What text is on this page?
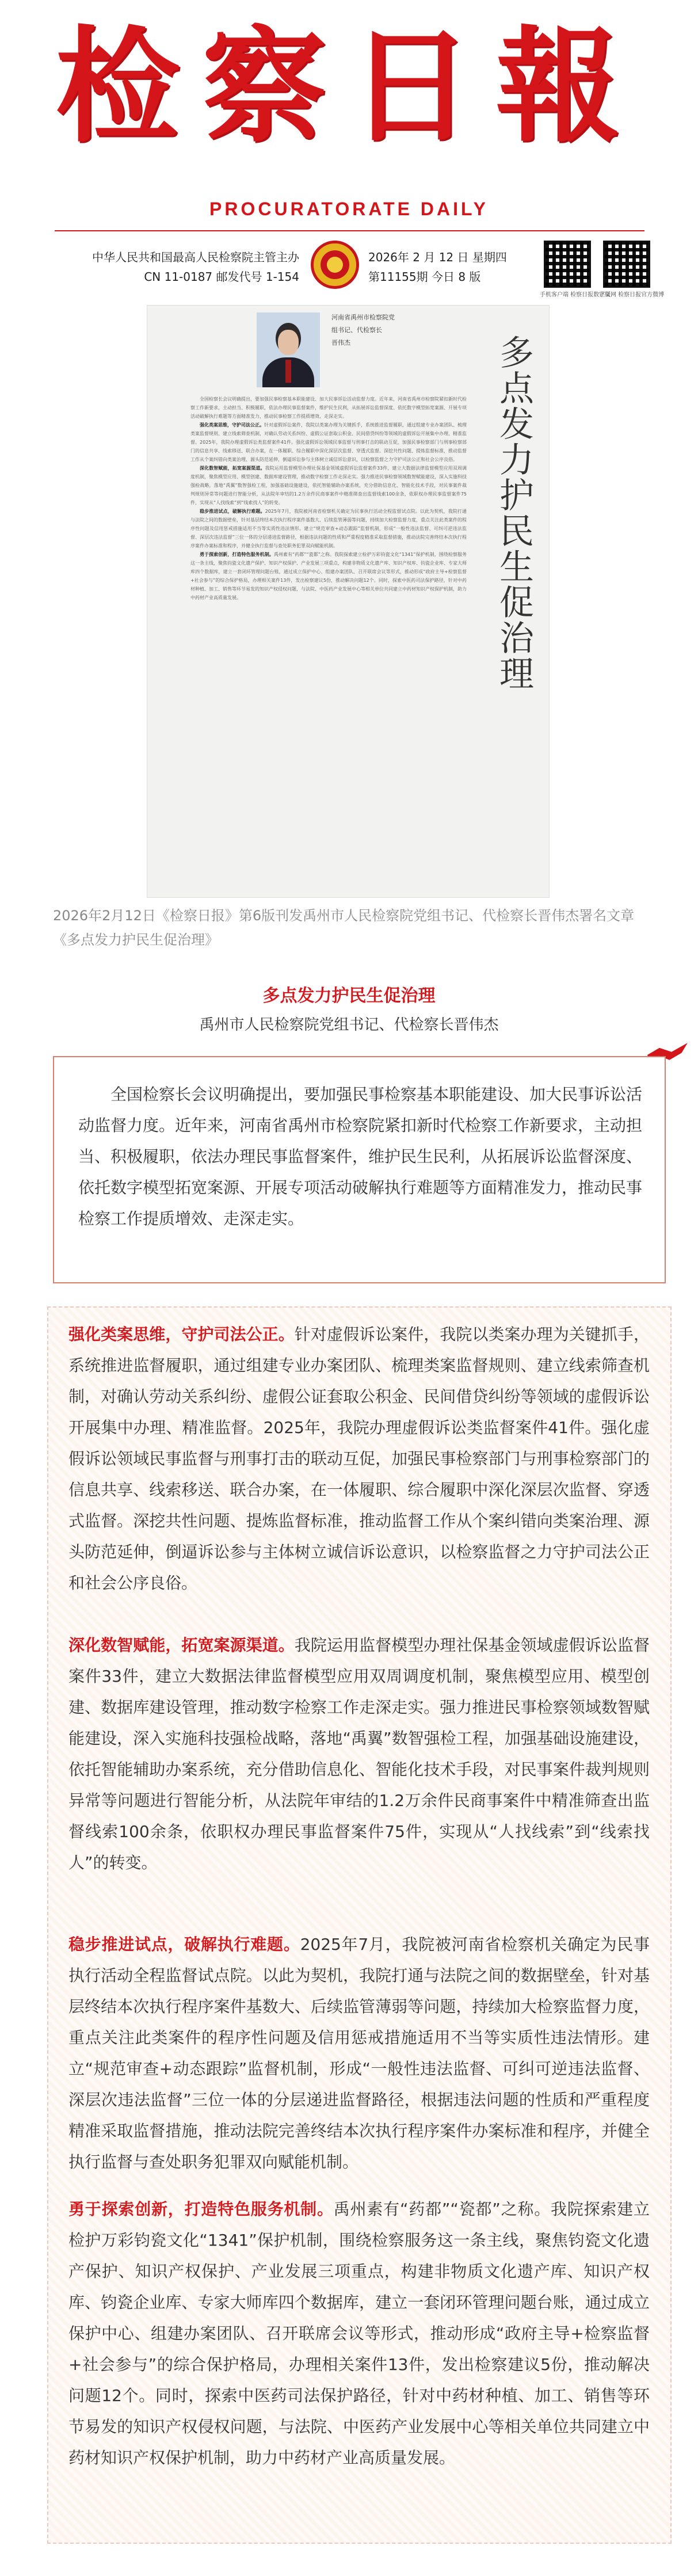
检察日報
PROCURATORATE DAILY
中华人民共和国最高人民检察院主管主办
CN 11-0187 邮发代号 1-154
2026年 2 月 12 日 星期四
第11155期 今日 8 版
手机客户端 检察日报数字版
正义网 检察日报官方微博
河南省禹州市检察院党组书记、代检察长
晋伟杰	多点发力护民生促治理

全国检察长会议明确提出，要加强民事检察基本职能建设、加大民事诉讼活动监督力度。近年来，河南省禹州市检察院紧扣新时代检察工作新要求，主动担当、积极履职，依法办理民事监督案件，维护民生民利，从拓展诉讼监督深度、依托数字模型拓宽案源、开展专项活动破解执行难题等方面精准发力，推动民事检察工作提质增效、走深走实。

强化类案思维，守护司法公正。针对虚假诉讼案件，我院以类案办理为关键抓手，系统推进监督履职，通过组建专业办案团队、梳理类案监督规则、建立线索筛查机制，对确认劳动关系纠纷、虚假公证套取公积金、民间借贷纠纷等领域的虚假诉讼开展集中办理、精准监督。2025年，我院办理虚假诉讼类监督案件41件。强化虚假诉讼领域民事监督与刑事打击的联动互促，加强民事检察部门与刑事检察部门的信息共享、线索移送、联合办案，在一体履职、综合履职中深化深层次监督、穿透式监督。深挖共性问题、提炼监督标准，推动监督工作从个案纠错向类案治理、源头防范延伸，倒逼诉讼参与主体树立诚信诉讼意识，以检察监督之力守护司法公正和社会公序良俗。

深化数智赋能，拓宽案源渠道。我院运用监督模型办理社保基金领域虚假诉讼监督案件33件，建立大数据法律监督模型应用双周调度机制，聚焦模型应用、模型创建、数据库建设管理，推动数字检察工作走深走实。强力推进民事检察领域数智赋能建设，深入实施科技强检战略，落地“禹翼”数智强检工程，加强基础设施建设，依托智能辅助办案系统，充分借助信息化、智能化技术手段，对民事案件裁判规则异常等问题进行智能分析，从法院年审结的1.2万余件民商事案件中精准筛查出监督线索100余条，依职权办理民事监督案件75件，实现从“人找线索”到“线索找人”的转变。

稳步推进试点，破解执行难题。2025年7月，我院被河南省检察机关确定为民事执行活动全程监督试点院。以此为契机，我院打通与法院之间的数据壁垒，针对基层终结本次执行程序案件基数大、后续监管薄弱等问题，持续加大检察监督力度，重点关注此类案件的程序性问题及信用惩戒措施适用不当等实质性违法情形。建立“规范审查+动态跟踪”监督机制，形成“一般性违法监督、可纠可逆违法监督、深层次违法监督”三位一体的分层递进监督路径，根据违法问题的性质和严重程度精准采取监督措施，推动法院完善终结本次执行程序案件办案标准和程序，并健全执行监督与查处职务犯罪双向赋能机制。

勇于探索创新，打造特色服务机制。禹州素有“药都”“瓷都”之称。我院探索建立检护万彩钧瓷文化“1341”保护机制，围绕检察服务这一条主线，聚焦钧瓷文化遗产保护、知识产权保护、产业发展三项重点，构建非物质文化遗产库、知识产权库、钧瓷企业库、专家大师库四个数据库，建立一套闭环管理问题台账，通过成立保护中心、组建办案团队、召开联席会议等形式，推动形成“政府主导+检察监督+社会参与”的综合保护格局，办理相关案件13件，发出检察建议5份，推动解决问题12个。同时，探索中医药司法保护路径，针对中药材种植、加工、销售等环节易发的知识产权侵权问题，与法院、中医药产业发展中心等相关单位共同建立中药材知识产权保护机制，助力中药材产业高质量发展。

2026年2月12日《检察日报》第6版刊发禹州市人民检察院党组书记、代检察长晋伟杰署名文章《多点发力护民生促治理》
多点发力护民生促治理
禹州市人民检察院党组书记、代检察长晋伟杰

全国检察长会议明确提出，要加强民事检察基本职能建设、加大民事诉讼活动监督力度。近年来，河南省禹州市检察院紧扣新时代检察工作新要求，主动担当、积极履职，依法办理民事监督案件，维护民生民利，从拓展诉讼监督深度、依托数字模型拓宽案源、开展专项活动破解执行难题等方面精准发力，推动民事检察工作提质增效、走深走实。

强化类案思维，守护司法公正。针对虚假诉讼案件，我院以类案办理为关键抓手，系统推进监督履职，通过组建专业办案团队、梳理类案监督规则、建立线索筛查机制，对确认劳动关系纠纷、虚假公证套取公积金、民间借贷纠纷等领域的虚假诉讼开展集中办理、精准监督。2025年，我院办理虚假诉讼类监督案件41件。强化虚假诉讼领域民事监督与刑事打击的联动互促，加强民事检察部门与刑事检察部门的信息共享、线索移送、联合办案，在一体履职、综合履职中深化深层次监督、穿透式监督。深挖共性问题、提炼监督标准，推动监督工作从个案纠错向类案治理、源头防范延伸，倒逼诉讼参与主体树立诚信诉讼意识，以检察监督之力守护司法公正和社会公序良俗。

深化数智赋能，拓宽案源渠道。我院运用监督模型办理社保基金领域虚假诉讼监督案件33件，建立大数据法律监督模型应用双周调度机制，聚焦模型应用、模型创建、数据库建设管理，推动数字检察工作走深走实。强力推进民事检察领域数智赋能建设，深入实施科技强检战略，落地“禹翼”数智强检工程，加强基础设施建设，依托智能辅助办案系统，充分借助信息化、智能化技术手段，对民事案件裁判规则异常等问题进行智能分析，从法院年审结的1.2万余件民商事案件中精准筛查出监督线索100余条，依职权办理民事监督案件75件，实现从“人找线索”到“线索找人”的转变。

稳步推进试点，破解执行难题。2025年7月，我院被河南省检察机关确定为民事执行活动全程监督试点院。以此为契机，我院打通与法院之间的数据壁垒，针对基层终结本次执行程序案件基数大、后续监管薄弱等问题，持续加大检察监督力度，重点关注此类案件的程序性问题及信用惩戒措施适用不当等实质性违法情形。建立“规范审查+动态跟踪”监督机制，形成“一般性违法监督、可纠可逆违法监督、深层次违法监督”三位一体的分层递进监督路径，根据违法问题的性质和严重程度精准采取监督措施，推动法院完善终结本次执行程序案件办案标准和程序，并健全执行监督与查处职务犯罪双向赋能机制。

勇于探索创新，打造特色服务机制。禹州素有“药都”“瓷都”之称。我院探索建立检护万彩钧瓷文化“1341”保护机制，围绕检察服务这一条主线，聚焦钧瓷文化遗产保护、知识产权保护、产业发展三项重点，构建非物质文化遗产库、知识产权库、钧瓷企业库、专家大师库四个数据库，建立一套闭环管理问题台账，通过成立保护中心、组建办案团队、召开联席会议等形式，推动形成“政府主导+检察监督+社会参与”的综合保护格局，办理相关案件13件，发出检察建议5份，推动解决问题12个。同时，探索中医药司法保护路径，针对中药材种植、加工、销售等环节易发的知识产权侵权问题，与法院、中医药产业发展中心等相关单位共同建立中药材知识产权保护机制，助力中药材产业高质量发展。
